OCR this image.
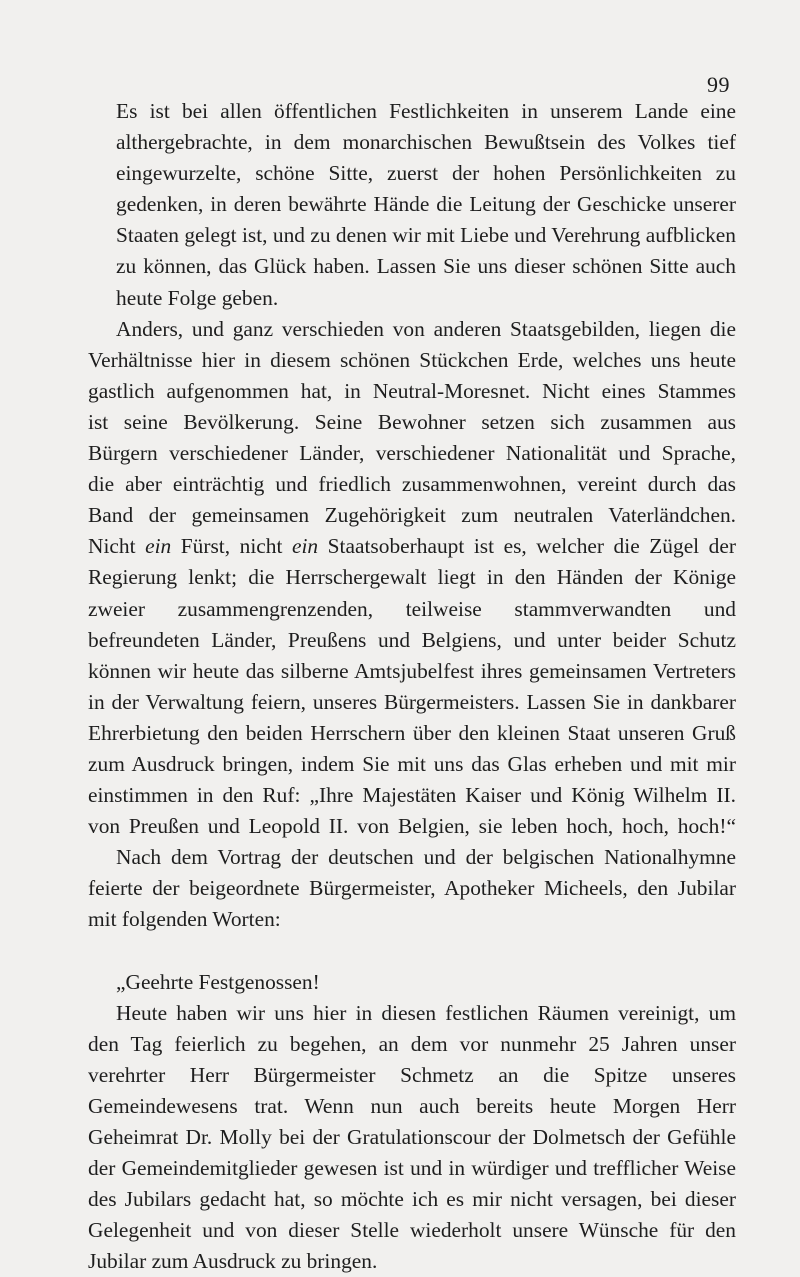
99
Es ist bei allen öffentlichen Festlichkeiten in unserem Lande eine
althergebrachte, in dem monarchischen Bewußtsein des Volkes tief
eingewurzelte, schöne Sitte, zuerst der hohen Persönlichkeiten zu
gedenken, in deren bewährte Hände die Leitung der Geschicke unserer
Staaten gelegt ist, und zu denen wir mit Liebe und Verehrung aufblicken
zu können, das Glück haben. Lassen Sie uns dieser schönen Sitte auch
heute Folge geben.
Anders, und ganz verschieden von anderen Staatsgebilden, liegen die
Verhältnisse hier in diesem schönen Stückchen Erde, welches uns heute
gastlich aufgenommen hat, in Neutral-Moresnet. Nicht eines Stammes
ist seine Bevölkerung. Seine Bewohner setzen sich zusammen aus
Bürgern verschiedener Länder, verschiedener Nationalität und Sprache,
die aber einträchtig und friedlich zusammenwohnen, vereint durch das
Band der gemeinsamen Zugehörigkeit zum neutralen Vaterländchen.
Nicht ein Fürst, nicht ein Staatsoberhaupt ist es, welcher die Zügel der
Regierung lenkt; die Herrschergewalt liegt in den Händen der Könige
zweier zusammengrenzenden, teilweise stammverwandten und
befreundeten Länder, Preußens und Belgiens, und unter beider Schutz
können wir heute das silberne Amtsjubelfest ihres gemeinsamen Vertreters
in der Verwaltung feiern, unseres Bürgermeisters. Lassen Sie in dankbarer
Ehrerbietung den beiden Herrschern über den kleinen Staat unseren Gruß
zum Ausdruck bringen, indem Sie mit uns das Glas erheben und mit mir
einstimmen in den Ruf: „Ihre Majestäten Kaiser und König Wilhelm II.
von Preußen und Leopold II. von Belgien, sie leben hoch, hoch, hoch!“
Nach dem Vortrag der deutschen und der belgischen Nationalhymne
feierte der beigeordnete Bürgermeister, Apotheker Micheels, den Jubilar
mit folgenden Worten:
„Geehrte Festgenossen!
Heute haben wir uns hier in diesen festlichen Räumen vereinigt, um
den Tag feierlich zu begehen, an dem vor nunmehr 25 Jahren unser
verehrter Herr Bürgermeister Schmetz an die Spitze unseres
Gemeindewesens trat. Wenn nun auch bereits heute Morgen Herr
Geheimrat Dr. Molly bei der Gratulationscour der Dolmetsch der Gefühle
der Gemeindemitglieder gewesen ist und in würdiger und trefflicher Weise
des Jubilars gedacht hat, so möchte ich es mir nicht versagen, bei dieser
Gelegenheit und von dieser Stelle wiederholt unsere Wünsche für den
Jubilar zum Ausdruck zu bringen.
